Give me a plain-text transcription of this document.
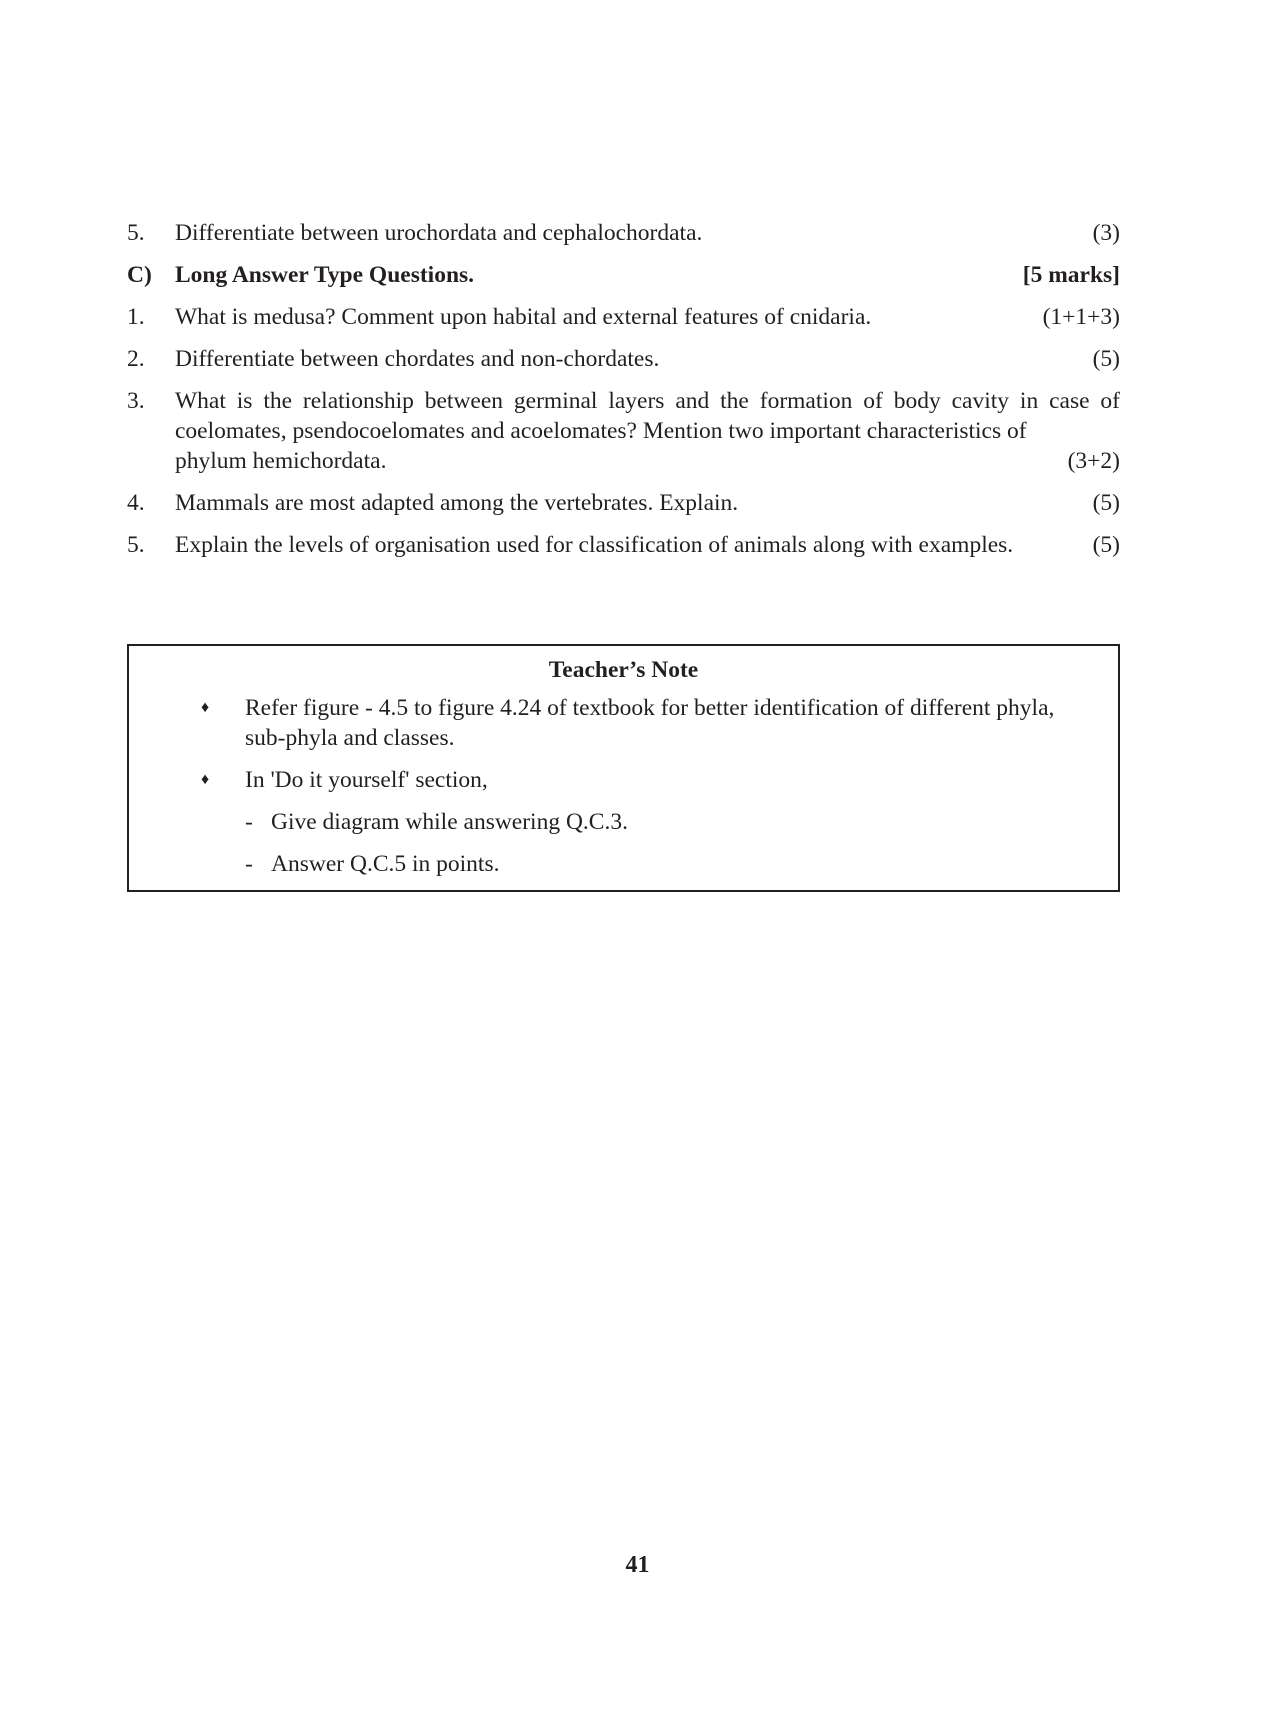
5.	Differentiate between urochordata and cephalochordata.	(3)
C) Long Answer Type Questions.	[5 marks]
1.	What is medusa? Comment upon habital and external features of cnidaria.	(1+1+3)
2.	Differentiate between chordates and non-chordates.	(5)
3.	What is the relationship between germinal layers and the formation of body cavity in case of coelomates, psendocoelomates and acoelomates? Mention two important characteristics of
phylum hemichordata.	(3+2)
4.	Mammals are most adapted among the vertebrates. Explain.	(5)
5.	Explain the levels of organisation used for classification of animals along with examples.	(5)
Teacher’s Note
♦	Refer figure - 4.5 to figure 4.24 of textbook for better identification of different phyla, sub-phyla and classes.
♦	In 'Do it yourself' section,
- Give diagram while answering Q.C.3.
- Answer Q.C.5 in points.
41
